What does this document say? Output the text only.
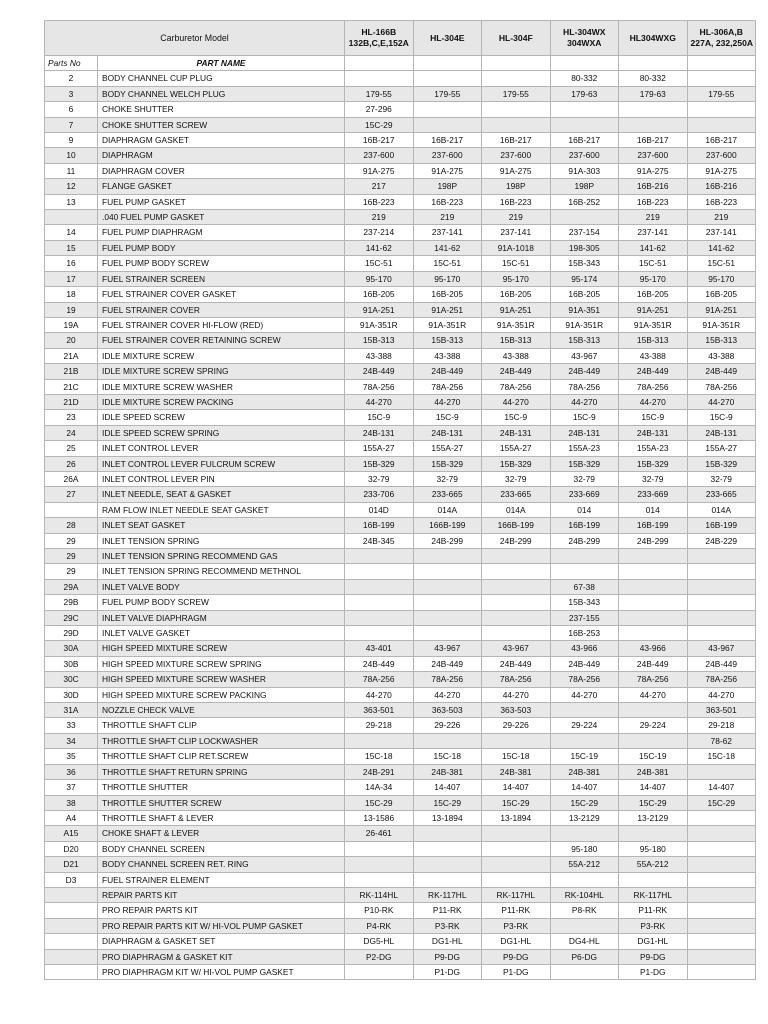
Carburetor Model		HL-166B
132B,C,E,152A	HL-304E	HL-304F	HL-304WX
304WXA	HL304WXG	HL-306A,B
227A, 232,250A

Parts No	PART NAME						
2	BODY CHANNEL CUP PLUG				80-332	80-332	
3	BODY CHANNEL WELCH PLUG	179-55	179-55	179-55	179-63	179-63	179-55
6	CHOKE SHUTTER	27-296					
7	CHOKE SHUTTER SCREW	15C-29					
9	DIAPHRAGM GASKET	16B-217	16B-217	16B-217	16B-217	16B-217	16B-217
10	DIAPHRAGM	237-600	237-600	237-600	237-600	237-600	237-600
11	DIAPHRAGM COVER	91A-275	91A-275	91A-275	91A-303	91A-275	91A-275
12	FLANGE GASKET	217	198P	198P	198P	16B-216	16B-216
13	FUEL PUMP GASKET	16B-223	16B-223	16B-223	16B-252	16B-223	16B-223
	.040 FUEL PUMP GASKET	219	219	219		219	219
14	FUEL PUMP DIAPHRAGM	237-214	237-141	237-141	237-154	237-141	237-141
15	FUEL PUMP BODY	141-62	141-62	91A-1018	198-305	141-62	141-62
16	FUEL PUMP BODY SCREW	15C-51	15C-51	15C-51	15B-343	15C-51	15C-51
17	FUEL STRAINER SCREEN	95-170	95-170	95-170	95-174	95-170	95-170
18	FUEL STRAINER COVER GASKET	16B-205	16B-205	16B-205	16B-205	16B-205	16B-205
19	FUEL STRAINER COVER	91A-251	91A-251	91A-251	91A-351	91A-251	91A-251
19A	FUEL STRAINER COVER HI-FLOW (RED)	91A-351R	91A-351R	91A-351R	91A-351R	91A-351R	91A-351R
20	FUEL STRAINER COVER RETAINING SCREW	15B-313	15B-313	15B-313	15B-313	15B-313	15B-313
21A	IDLE MIXTURE SCREW	43-388	43-388	43-388	43-967	43-388	43-388
21B	IDLE MIXTURE SCREW SPRING	24B-449	24B-449	24B-449	24B-449	24B-449	24B-449
21C	IDLE MIXTURE SCREW WASHER	78A-256	78A-256	78A-256	78A-256	78A-256	78A-256
21D	IDLE MIXTURE SCREW PACKING	44-270	44-270	44-270	44-270	44-270	44-270
23	IDLE SPEED SCREW	15C-9	15C-9	15C-9	15C-9	15C-9	15C-9
24	IDLE SPEED SCREW SPRING	24B-131	24B-131	24B-131	24B-131	24B-131	24B-131
25	INLET CONTROL LEVER	155A-27	155A-27	155A-27	155A-23	155A-23	155A-27
26	INLET CONTROL LEVER FULCRUM SCREW	15B-329	15B-329	15B-329	15B-329	15B-329	15B-329
26A	INLET CONTROL LEVER PIN	32-79	32-79	32-79	32-79	32-79	32-79
27	INLET NEEDLE, SEAT & GASKET	233-706	233-665	233-665	233-669	233-669	233-665
	RAM FLOW INLET NEEDLE SEAT GASKET	014D	014A	014A	014	014	014A
28	INLET SEAT GASKET	16B-199	166B-199	166B-199	16B-199	16B-199	16B-199
29	INLET TENSION SPRING	24B-345	24B-299	24B-299	24B-299	24B-299	24B-229
29	INLET TENSION SPRING RECOMMEND GAS						
29	INLET TENSION SPRING RECOMMEND METHNOL						
29A	INLET VALVE BODY				67-38		
29B	FUEL PUMP BODY SCREW				15B-343		
29C	INLET VALVE DIAPHRAGM				237-155		
29D	INLET VALVE GASKET				16B-253		
30A	HIGH SPEED MIXTURE SCREW	43-401	43-967	43-967	43-966	43-966	43-967
30B	HIGH SPEED MIXTURE SCREW SPRING	24B-449	24B-449	24B-449	24B-449	24B-449	24B-449
30C	HIGH SPEED MIXTURE SCREW WASHER	78A-256	78A-256	78A-256	78A-256	78A-256	78A-256
30D	HIGH SPEED MIXTURE SCREW PACKING	44-270	44-270	44-270	44-270	44-270	44-270
31A	NOZZLE CHECK VALVE	363-501	363-503	363-503			363-501
33	THROTTLE SHAFT CLIP	29-218	29-226	29-226	29-224	29-224	29-218
34	THROTTLE SHAFT CLIP LOCKWASHER						78-62
35	THROTTLE SHAFT CLIP RET.SCREW	15C-18	15C-18	15C-18	15C-19	15C-19	15C-18
36	THROTTLE SHAFT RETURN SPRING	24B-291	24B-381	24B-381	24B-381	24B-381	
37	THROTTLE SHUTTER	14A-34	14-407	14-407	14-407	14-407	14-407
38	THROTTLE SHUTTER SCREW	15C-29	15C-29	15C-29	15C-29	15C-29	15C-29
A4	THROTTLE SHAFT & LEVER	13-1586	13-1894	13-1894	13-2129	13-2129	
A15	CHOKE SHAFT & LEVER	26-461					
D20	BODY CHANNEL SCREEN				95-180	95-180	
D21	BODY CHANNEL SCREEN RET. RING				55A-212	55A-212	
D3	FUEL STRAINER ELEMENT						
	REPAIR PARTS KIT	RK-114HL	RK-117HL	RK-117HL	RK-104HL	RK-117HL	
	PRO REPAIR PARTS KIT	P10-RK	P11-RK	P11-RK	P8-RK	P11-RK	
	PRO REPAIR PARTS KIT W/ HI-VOL PUMP GASKET	P4-RK	P3-RK	P3-RK		P3-RK	
	DIAPHRAGM & GASKET SET	DG5-HL	DG1-HL	DG1-HL	DG4-HL	DG1-HL	
	PRO DIAPHRAGM & GASKET KIT	P2-DG	P9-DG	P9-DG	P6-DG	P9-DG	
	PRO DIAPHRAGM KIT W/ HI-VOL PUMP GASKET		P1-DG	P1-DG		P1-DG	
